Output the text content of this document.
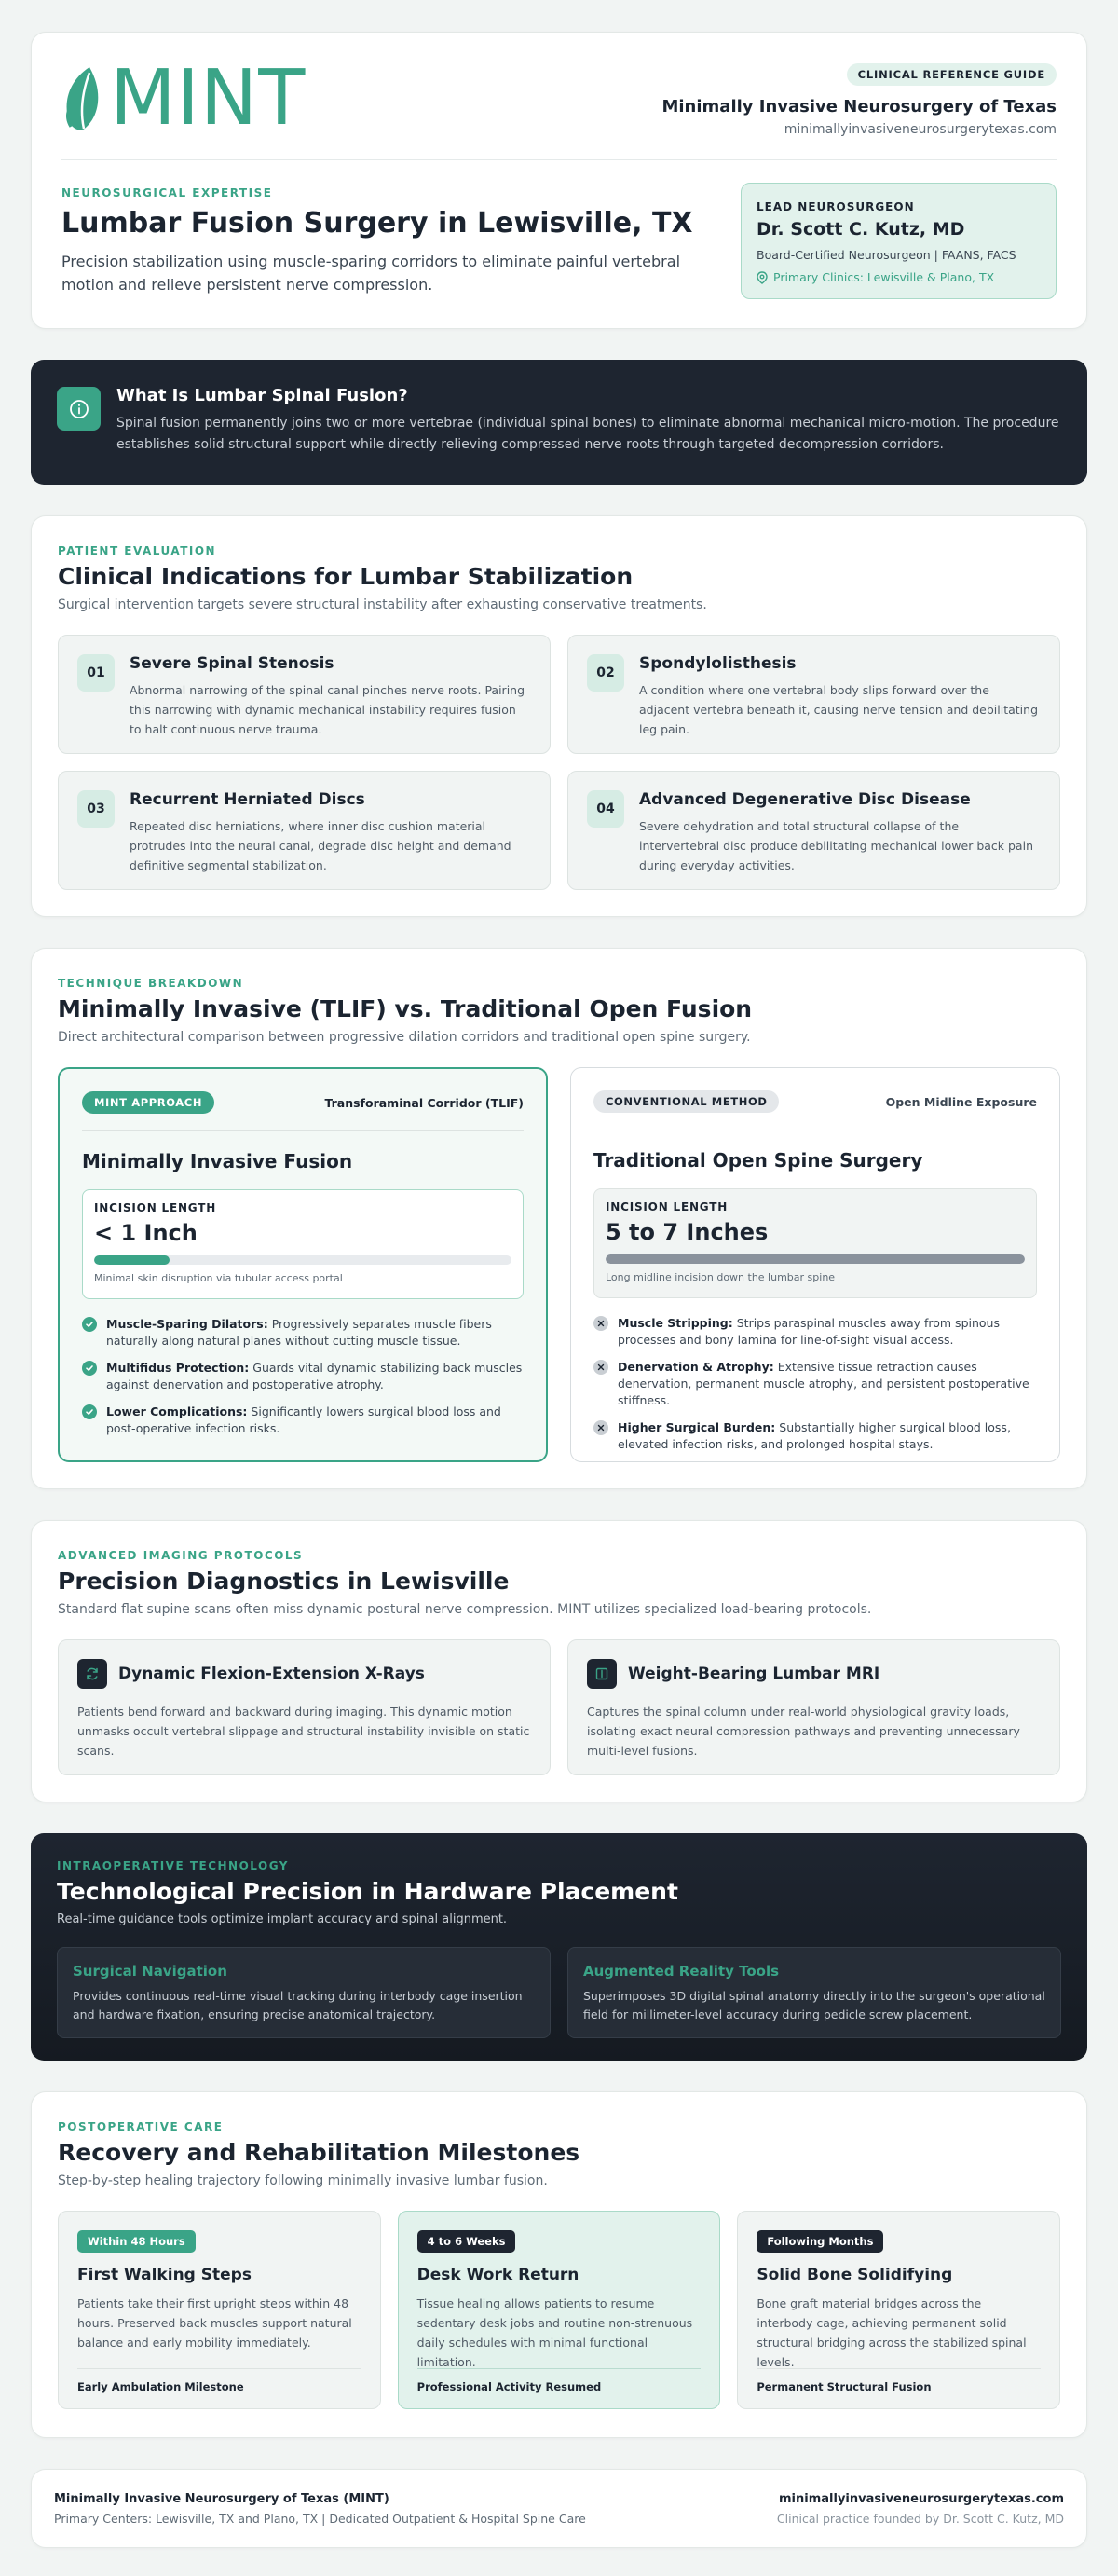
MINT	CLINICAL REFERENCE GUIDE
Minimally Invasive Neurosurgery of Texas
minimallyinvasiveneurosurgerytexas.com
NEUROSURGICAL EXPERTISE
Lumbar Fusion Surgery in Lewisville, TX

Precision stabilization using muscle-sparing corridors to eliminate painful vertebral motion and relieve persistent nerve compression.

LEAD NEUROSURGEON
Dr. Scott C. Kutz, MD
Board-Certified Neurosurgeon | FAANS, FACS
Primary Clinics: Lewisville & Plano, TX
What Is Lumbar Spinal Fusion?
Spinal fusion permanently joins two or more vertebrae (individual spinal bones) to eliminate abnormal mechanical micro-motion. The procedure establishes solid structural support while directly relieving compressed nerve roots through targeted decompression corridors.
PATIENT EVALUATION
Clinical Indications for Lumbar Stabilization

Surgical intervention targets severe structural instability after exhausting conservative treatments.

01	Severe Spinal Stenosis
Abnormal narrowing of the spinal canal pinches nerve roots. Pairing this narrowing with dynamic mechanical instability requires fusion to halt continuous nerve trauma.
02	Spondylolisthesis
A condition where one vertebral body slips forward over the adjacent vertebra beneath it, causing nerve tension and debilitating leg pain.
03	Recurrent Herniated Discs
Repeated disc herniations, where inner disc cushion material protrudes into the neural canal, degrade disc height and demand definitive segmental stabilization.
04	Advanced Degenerative Disc Disease
Severe dehydration and total structural collapse of the intervertebral disc produce debilitating mechanical lower back pain during everyday activities.
TECHNIQUE BREAKDOWN
Minimally Invasive (TLIF) vs. Traditional Open Fusion

Direct architectural comparison between progressive dilation corridors and traditional open spine surgery.

MINT APPROACH	Transforaminal Corridor (TLIF)
Minimally Invasive Fusion
INCISION LENGTH
< 1 Inch
Minimal skin disruption via tubular access portal
Muscle-Sparing Dilators: Progressively separates muscle fibers naturally along natural planes without cutting muscle tissue.
Multifidus Protection: Guards vital dynamic stabilizing back muscles against denervation and postoperative atrophy.
Lower Complications: Significantly lowers surgical blood loss and post-operative infection risks.
CONVENTIONAL METHOD	Open Midline Exposure
Traditional Open Spine Surgery
INCISION LENGTH
5 to 7 Inches
Long midline incision down the lumbar spine
Muscle Stripping: Strips paraspinal muscles away from spinous processes and bony lamina for line-of-sight visual access.
Denervation & Atrophy: Extensive tissue retraction causes denervation, permanent muscle atrophy, and persistent postoperative stiffness.
Higher Surgical Burden: Substantially higher surgical blood loss, elevated infection risks, and prolonged hospital stays.
ADVANCED IMAGING PROTOCOLS
Precision Diagnostics in Lewisville

Standard flat supine scans often miss dynamic postural nerve compression. MINT utilizes specialized load-bearing protocols.

Dynamic Flexion-Extension X-Rays
Patients bend forward and backward during imaging. This dynamic motion unmasks occult vertebral slippage and structural instability invisible on static scans.
Weight-Bearing Lumbar MRI
Captures the spinal column under real-world physiological gravity loads, isolating exact neural compression pathways and preventing unnecessary multi-level fusions.
INTRAOPERATIVE TECHNOLOGY
Technological Precision in Hardware Placement

Real-time guidance tools optimize implant accuracy and spinal alignment.

Surgical Navigation
Provides continuous real-time visual tracking during interbody cage insertion and hardware fixation, ensuring precise anatomical trajectory.
Augmented Reality Tools
Superimposes 3D digital spinal anatomy directly into the surgeon's operational field for millimeter-level accuracy during pedicle screw placement.
POSTOPERATIVE CARE
Recovery and Rehabilitation Milestones

Step-by-step healing trajectory following minimally invasive lumbar fusion.

Within 48 Hours
First Walking Steps
Patients take their first upright steps within 48 hours. Preserved back muscles support natural balance and early mobility immediately.
Early Ambulation Milestone
4 to 6 Weeks
Desk Work Return
Tissue healing allows patients to resume sedentary desk jobs and routine non-strenuous daily schedules with minimal functional limitation.
Professional Activity Resumed
Following Months
Solid Bone Solidifying
Bone graft material bridges across the interbody cage, achieving permanent solid structural bridging across the stabilized spinal levels.
Permanent Structural Fusion
Minimally Invasive Neurosurgery of Texas (MINT)
Primary Centers: Lewisville, TX and Plano, TX | Dedicated Outpatient & Hospital Spine Care
minimallyinvasiveneurosurgerytexas.com
Clinical practice founded by Dr. Scott C. Kutz, MD
